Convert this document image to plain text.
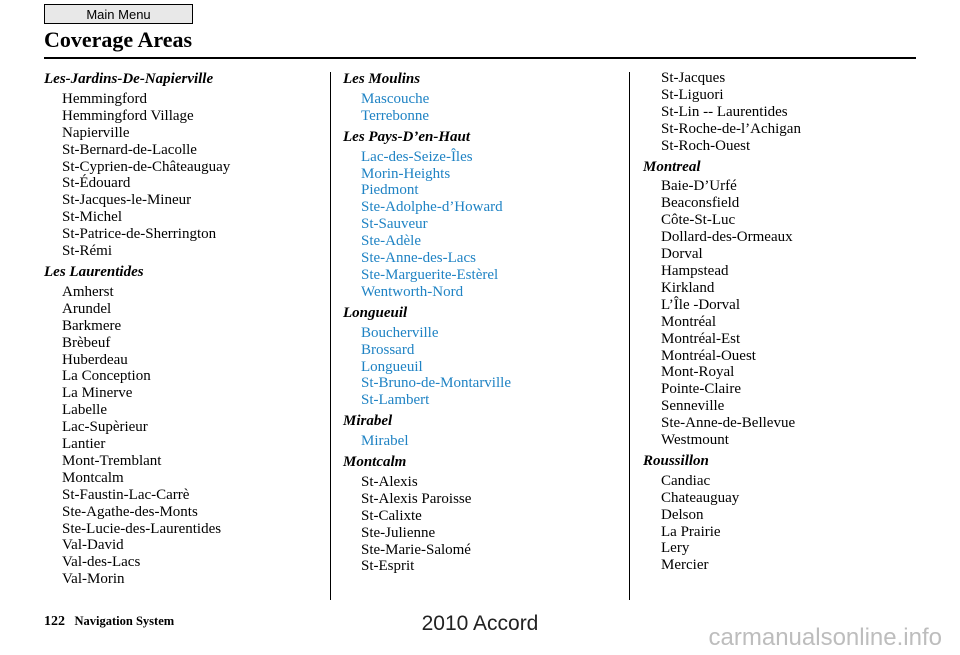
Main Menu
Coverage Areas
Les-Jardins-De-Napierville
Hemmingford
Hemmingford Village
Napierville
St-Bernard-de-Lacolle
St-Cyprien-de-Châteauguay
St-Édouard
St-Jacques-le-Mineur
St-Michel
St-Patrice-de-Sherrington
St-Rémi
Les Laurentides
Amherst
Arundel
Barkmere
Brèbeuf
Huberdeau
La Conception
La Minerve
Labelle
Lac-Supèrieur
Lantier
Mont-Tremblant
Montcalm
St-Faustin-Lac-Carrè
Ste-Agathe-des-Monts
Ste-Lucie-des-Laurentides
Val-David
Val-des-Lacs
Val-Morin
Les Moulins
Mascouche
Terrebonne
Les Pays-D’en-Haut
Lac-des-Seize-Îles
Morin-Heights
Piedmont
Ste-Adolphe-d’Howard
St-Sauveur
Ste-Adèle
Ste-Anne-des-Lacs
Ste-Marguerite-Estèrel
Wentworth-Nord
Longueuil
Boucherville
Brossard
Longueuil
St-Bruno-de-Montarville
St-Lambert
Mirabel
Mirabel
Montcalm
St-Alexis
St-Alexis Paroisse
St-Calixte
Ste-Julienne
Ste-Marie-Salomé
St-Esprit
St-Jacques
St-Liguori
St-Lin -- Laurentides
St-Roche-de-l’Achigan
St-Roch-Ouest
Montreal
Baie-D’Urfé
Beaconsfield
Côte-St-Luc
Dollard-des-Ormeaux
Dorval
Hampstead
Kirkland
L’Île -Dorval
Montréal
Montréal-Est
Montréal-Ouest
Mont-Royal
Pointe-Claire
Senneville
Ste-Anne-de-Bellevue
Westmount
Roussillon
Candiac
Chateauguay
Delson
La Prairie
Lery
Mercier
122 Navigation System	2010 Accord
carmanualsonline.info
